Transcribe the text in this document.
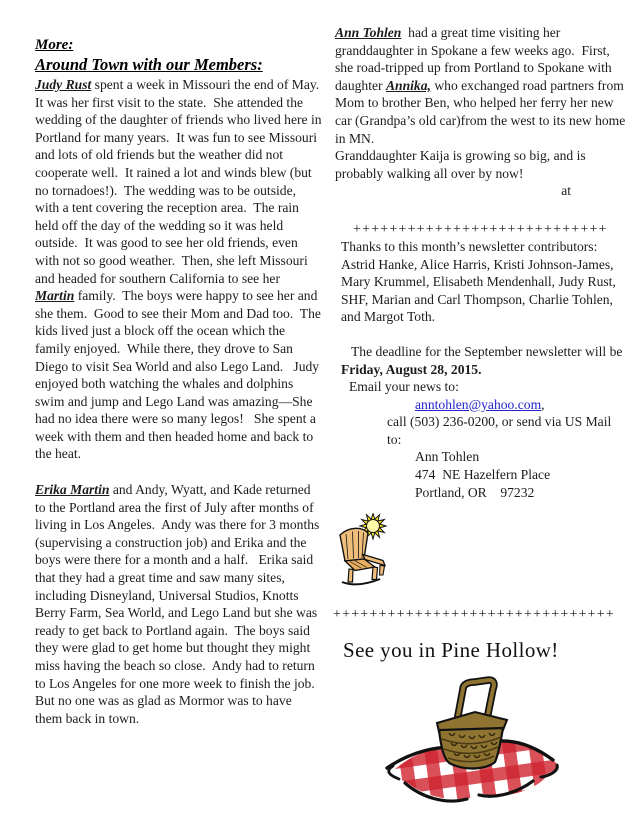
More:
Around Town with our Members:

Judy Rust spent a week in Missouri the end of May.  It was her first visit to the state.  She attended the wedding of the daughter of friends who lived here in Portland for many years.  It was fun to see Missouri and lots of old friends but the weather did not cooperate well.  It rained a lot and winds blew (but no tornadoes!).  The wedding was to be outside, with a tent covering the reception area.  The rain held off the day of the wedding so it was held outside.  It was good to see her old friends, even with not so good weather.  Then, she left Missouri and headed for southern California to see her Martin family.  The boys were happy to see her and she them.  Good to see their Mom and Dad too.  The kids lived just a block off the ocean which the family enjoyed.  While there, they drove to San Diego to visit Sea World and also Lego Land.   Judy enjoyed both watching the whales and dolphins swim and jump and Lego Land was amazing—She had no idea there were so many legos!   She spent a week with them and then headed home and back to the heat.

Erika Martin and Andy, Wyatt, and Kade returned to the Portland area the first of July after months of living in Los Angeles.  Andy was there for 3 months (supervising a construction job) and Erika and the boys were there for a month and a half.   Erika said that they had a great time and saw many sites, including Disneyland, Universal Studios, Knotts Berry Farm, Sea World, and Lego Land but she was ready to get back to Portland again.  The boys said they were glad to get home but thought they might miss having the beach so close.  Andy had to return to Los Angeles for one more week to finish the job.  But no one was as glad as Mormor was to have them back in town.

Ann Tohlen  had a great time visiting her granddaughter in Spokane a few weeks ago.  First, she road-tripped up from Portland to Spokane with daughter Annika, who exchanged road partners from Mom to brother Ben, who helped her ferry her new car (Grandpa’s old car)from the west to its new home in MN.

Granddaughter Kaija is growing so big, and is probably walking all over by now!
at
++++++++++++++++++++++++++++
Thanks to this month’s newsletter contributors: Astrid Hanke, Alice Harris, Kristi Johnson-James, Mary Krummel, Elisabeth Mendenhall, Judy Rust, SHF, Marian and Carl Thompson, Charlie Tohlen, and Margot Toth.
The deadline for the September newsletter will be Friday, August 28, 2015.
Email your news to:
anntohlen@yahoo.com,
call (503) 236-0200, or send via US Mail to:
Ann Tohlen
474  NE Hazelfern Place
Portland, OR    97232
+++++++++++++++++++++++++++++++
See you in Pine Hollow!
